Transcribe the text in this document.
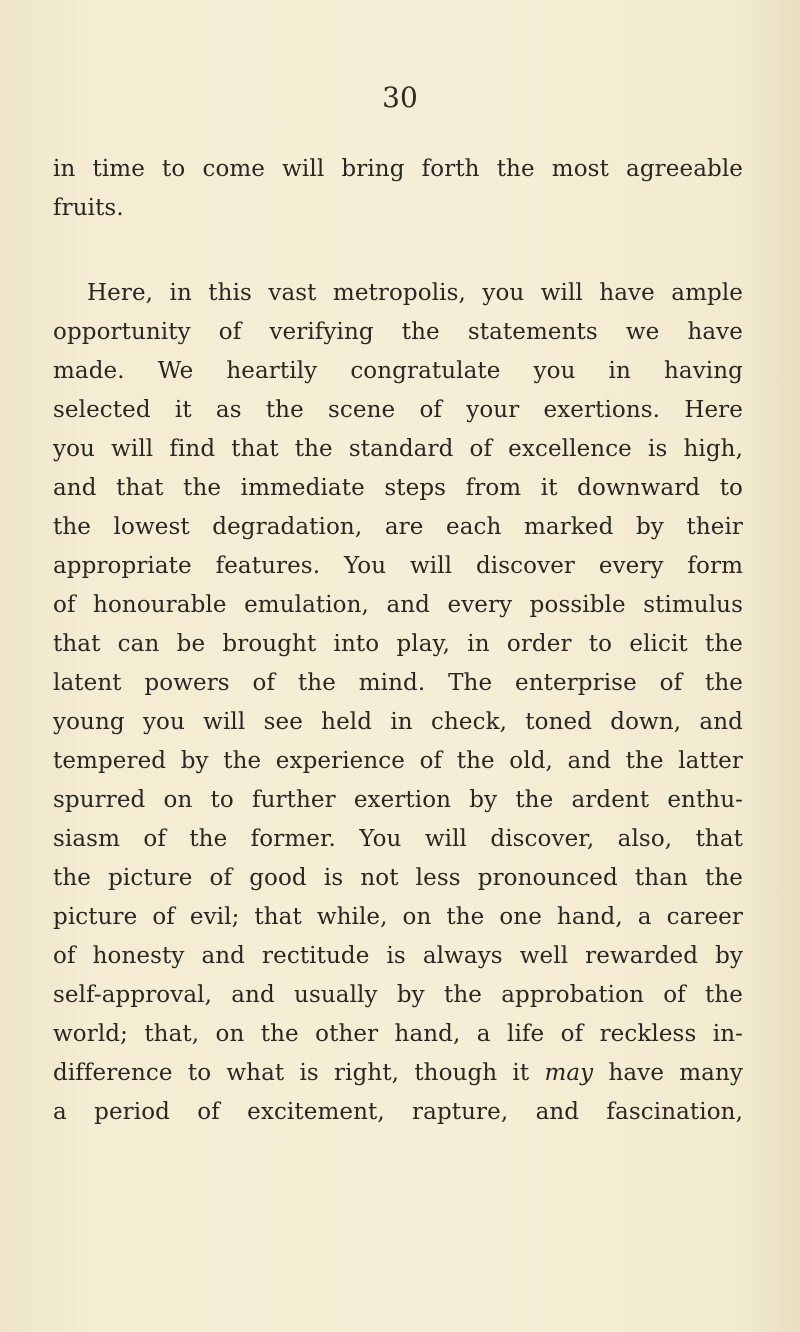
30
in time to come will bring forth the most agreeable
fruits.
Here, in this vast metropolis, you will have ample
opportunity of verifying the statements we have
made. We heartily congratulate you in having
selected it as the scene of your exertions. Here
you will find that the standard of excellence is high,
and that the immediate steps from it downward to
the lowest degradation, are each marked by their
appropriate features. You will discover every form
of honourable emulation, and every possible stimulus
that can be brought into play, in order to elicit the
latent powers of the mind. The enterprise of the
young you will see held in check, toned down, and
tempered by the experience of the old, and the latter
spurred on to further exertion by the ardent enthu-
siasm of the former. You will discover, also, that
the picture of good is not less pronounced than the
picture of evil; that while, on the one hand, a career
of honesty and rectitude is always well rewarded by
self-approval, and usually by the approbation of the
world; that, on the other hand, a life of reckless in-
difference to what is right, though it may have many
a period of excitement, rapture, and fascination,
